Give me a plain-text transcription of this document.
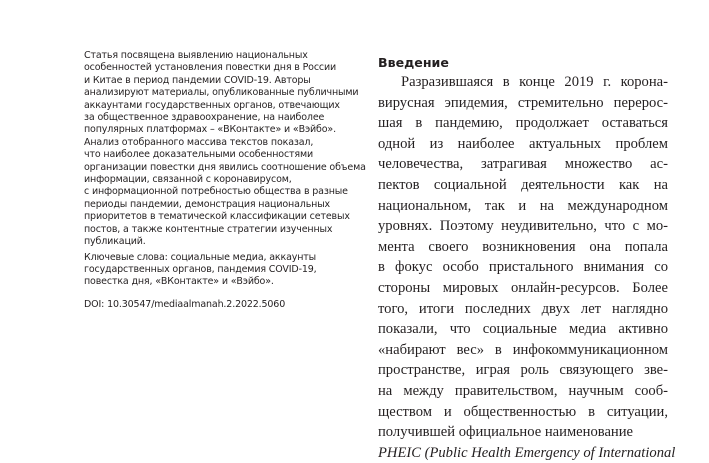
Статья посвящена выявлению национальных
особенностей установления повестки дня в России
и Китае в период пандемии COVID-19. Авторы
анализируют материалы, опубликованные публичными
аккаунтами государственных органов, отвечающих
за общественное здравоохранение, на наиболее
популярных платформах – «ВКонтакте» и «Вэйбо».
Анализ отобранного массива текстов показал,
что наиболее доказательными особенностями
организации повестки дня явились соотношение объема
информации, связанной с коронавирусом,
с информационной потребностью общества в разные
периоды пандемии, демонстрация национальных
приоритетов в тематической классификации сетевых
постов, а также контентные стратегии изученных
публикаций.
Ключевые слова: социальные медиа, аккаунты
государственных органов, пандемия COVID-19,
повестка дня, «ВКонтакте» и «Вэйбо».
DOI: 10.30547/mediaalmanah.2.2022.5060
Введение
Разразившаяся в конце 2019 г. корона-
вирусная эпидемия, стремительно перерос-
шая в пандемию, продолжает оставаться
одной из наиболее актуальных проблем
человечества, затрагивая множество ас-
пектов социальной деятельности как на
национальном, так и на международном
уровнях. Поэтому неудивительно, что с мо-
мента своего возникновения она попала
в фокус особо пристального внимания со
стороны мировых онлайн-ресурсов. Более
того, итоги последних двух лет наглядно
показали, что социальные медиа активно
«набирают вес» в инфокоммуникационном
пространстве, играя роль связующего зве-
на между правительством, научным сооб-
ществом и общественностью в ситуации,
получившей официальное наименование
PHEIC (Public Health Emergency of International
